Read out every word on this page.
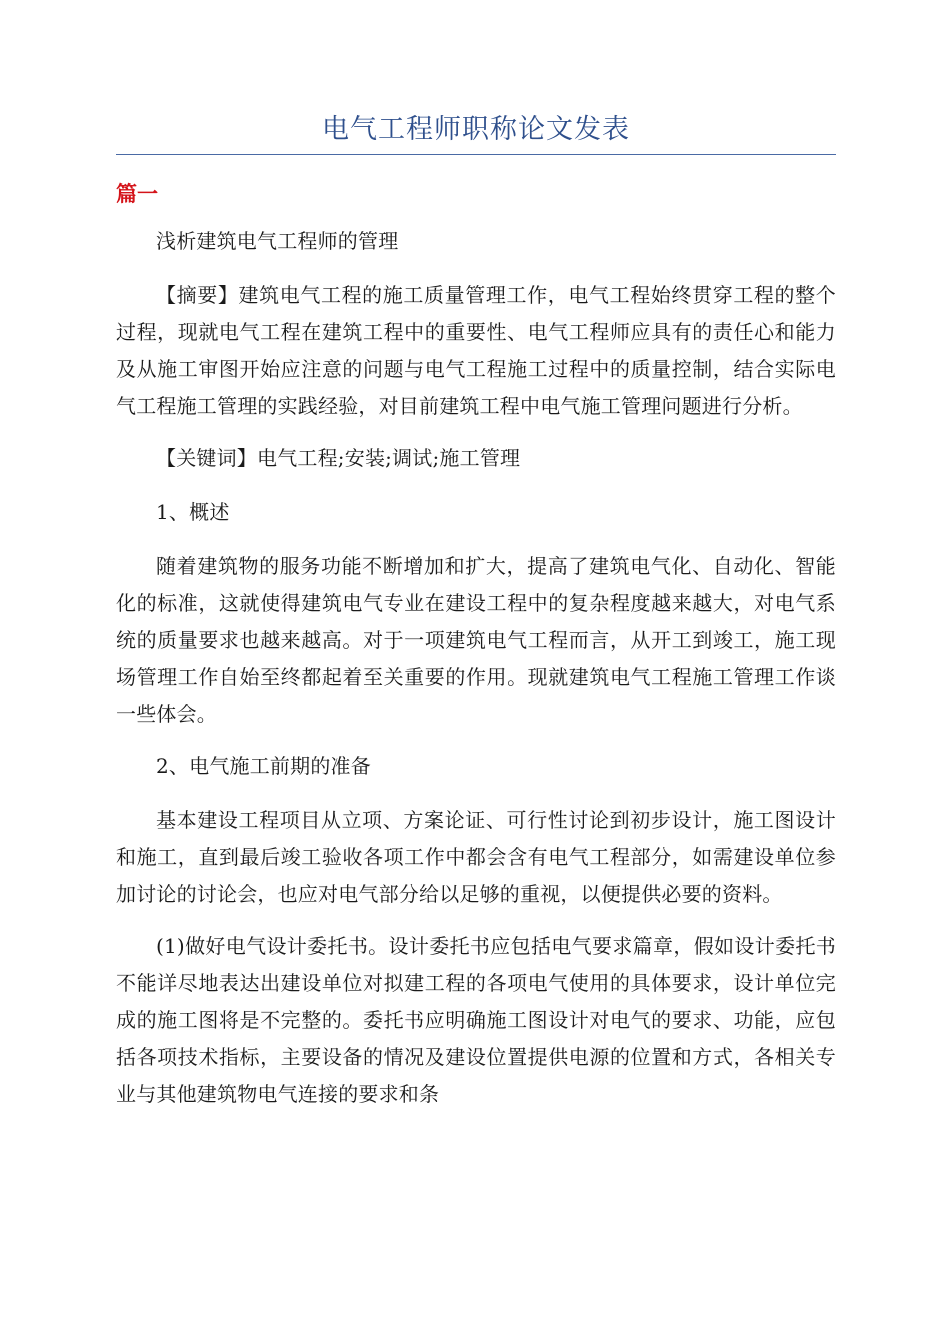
电气工程师职称论文发表
篇一

浅析建筑电气工程师的管理

【摘要】建筑电气工程的施工质量管理工作，电气工程始终贯穿工程的整个过程，现就电气工程在建筑工程中的重要性、电气工程师应具有的责任心和能力及从施工审图开始应注意的问题与电气工程施工过程中的质量控制，结合实际电气工程施工管理的实践经验，对目前建筑工程中电气施工管理问题进行分析。

【关键词】电气工程;安装;调试;施工管理

1、概述

随着建筑物的服务功能不断增加和扩大，提高了建筑电气化、自动化、智能化的标准，这就使得建筑电气专业在建设工程中的复杂程度越来越大，对电气系统的质量要求也越来越高。对于一项建筑电气工程而言，从开工到竣工，施工现场管理工作自始至终都起着至关重要的作用。现就建筑电气工程施工管理工作谈一些体会。

2、电气施工前期的准备

基本建设工程项目从立项、方案论证、可行性讨论到初步设计，施工图设计和施工，直到最后竣工验收各项工作中都会含有电气工程部分，如需建设单位参加讨论的讨论会，也应对电气部分给以足够的重视，以便提供必要的资料。

(1)做好电气设计委托书。设计委托书应包括电气要求篇章，假如设计委托书不能详尽地表达出建设单位对拟建工程的各项电气使用的具体要求，设计单位完成的施工图将是不完整的。委托书应明确施工图设计对电气的要求、功能，应包括各项技术指标，主要设备的情况及建设位置提供电源的位置和方式，各相关专业与其他建筑物电气连接的要求和条
